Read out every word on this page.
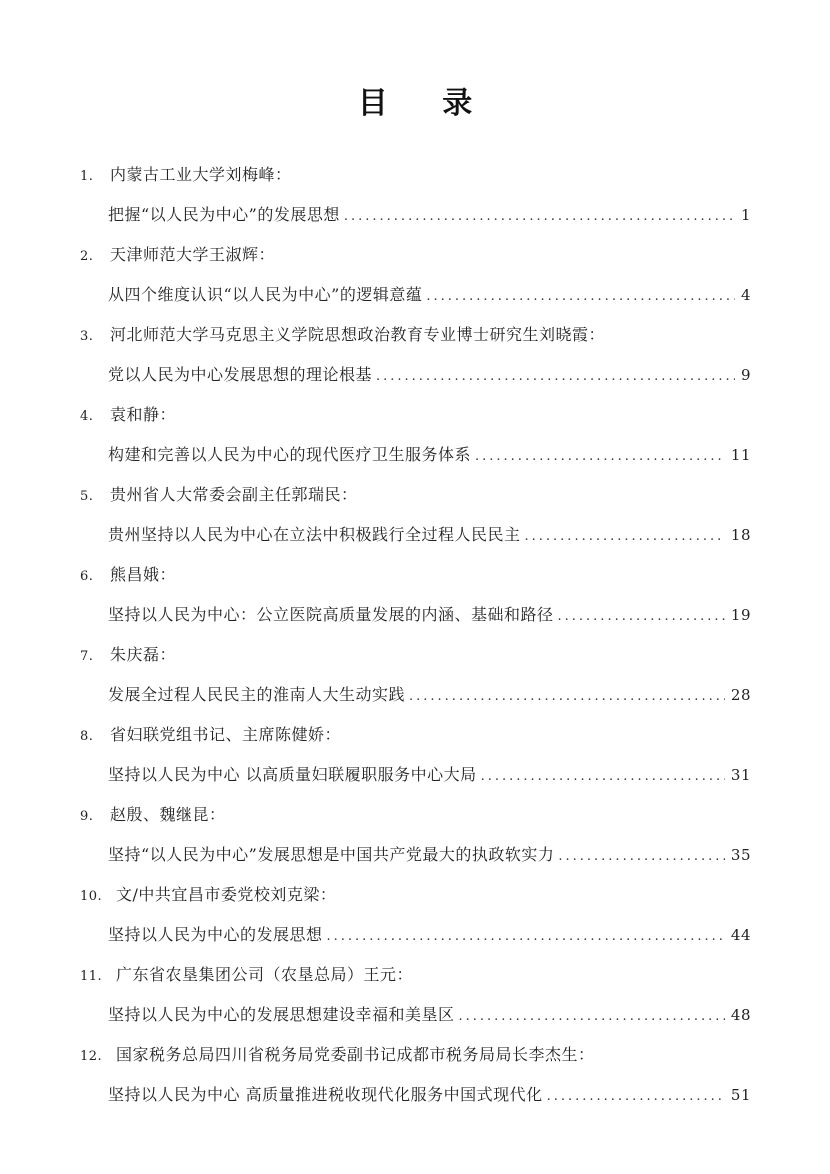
目 录
1. 内蒙古工业大学刘梅峰：
把握“以人民为中心”的发展思想 .....	1
2. 天津师范大学王淑辉：
从四个维度认识“以人民为中心”的逻辑意蕴 .....	4
3. 河北师范大学马克思主义学院思想政治教育专业博士研究生刘晓霞：
党以人民为中心发展思想的理论根基 .....	9
4. 袁和静：
构建和完善以人民为中心的现代医疗卫生服务体系 .....	11
5. 贵州省人大常委会副主任郭瑞民：
贵州坚持以人民为中心在立法中积极践行全过程人民民主 .....	18
6. 熊昌娥：
坚持以人民为中心：公立医院高质量发展的内涵、基础和路径 .....	19
7. 朱庆磊：
发展全过程人民民主的淮南人大生动实践 .....	28
8. 省妇联党组书记、主席陈健娇：
坚持以人民为中心 以高质量妇联履职服务中心大局 .....	31
9. 赵殷、魏继昆：
坚持“以人民为中心”发展思想是中国共产党最大的执政软实力 .....	35
10. 文/中共宜昌市委党校刘克梁：
坚持以人民为中心的发展思想 .....	44
11. 广东省农垦集团公司（农垦总局）王元：
坚持以人民为中心的发展思想建设幸福和美垦区 .....	48
12. 国家税务总局四川省税务局党委副书记成都市税务局局长李杰生：
坚持以人民为中心 高质量推进税收现代化服务中国式现代化 .....	51
